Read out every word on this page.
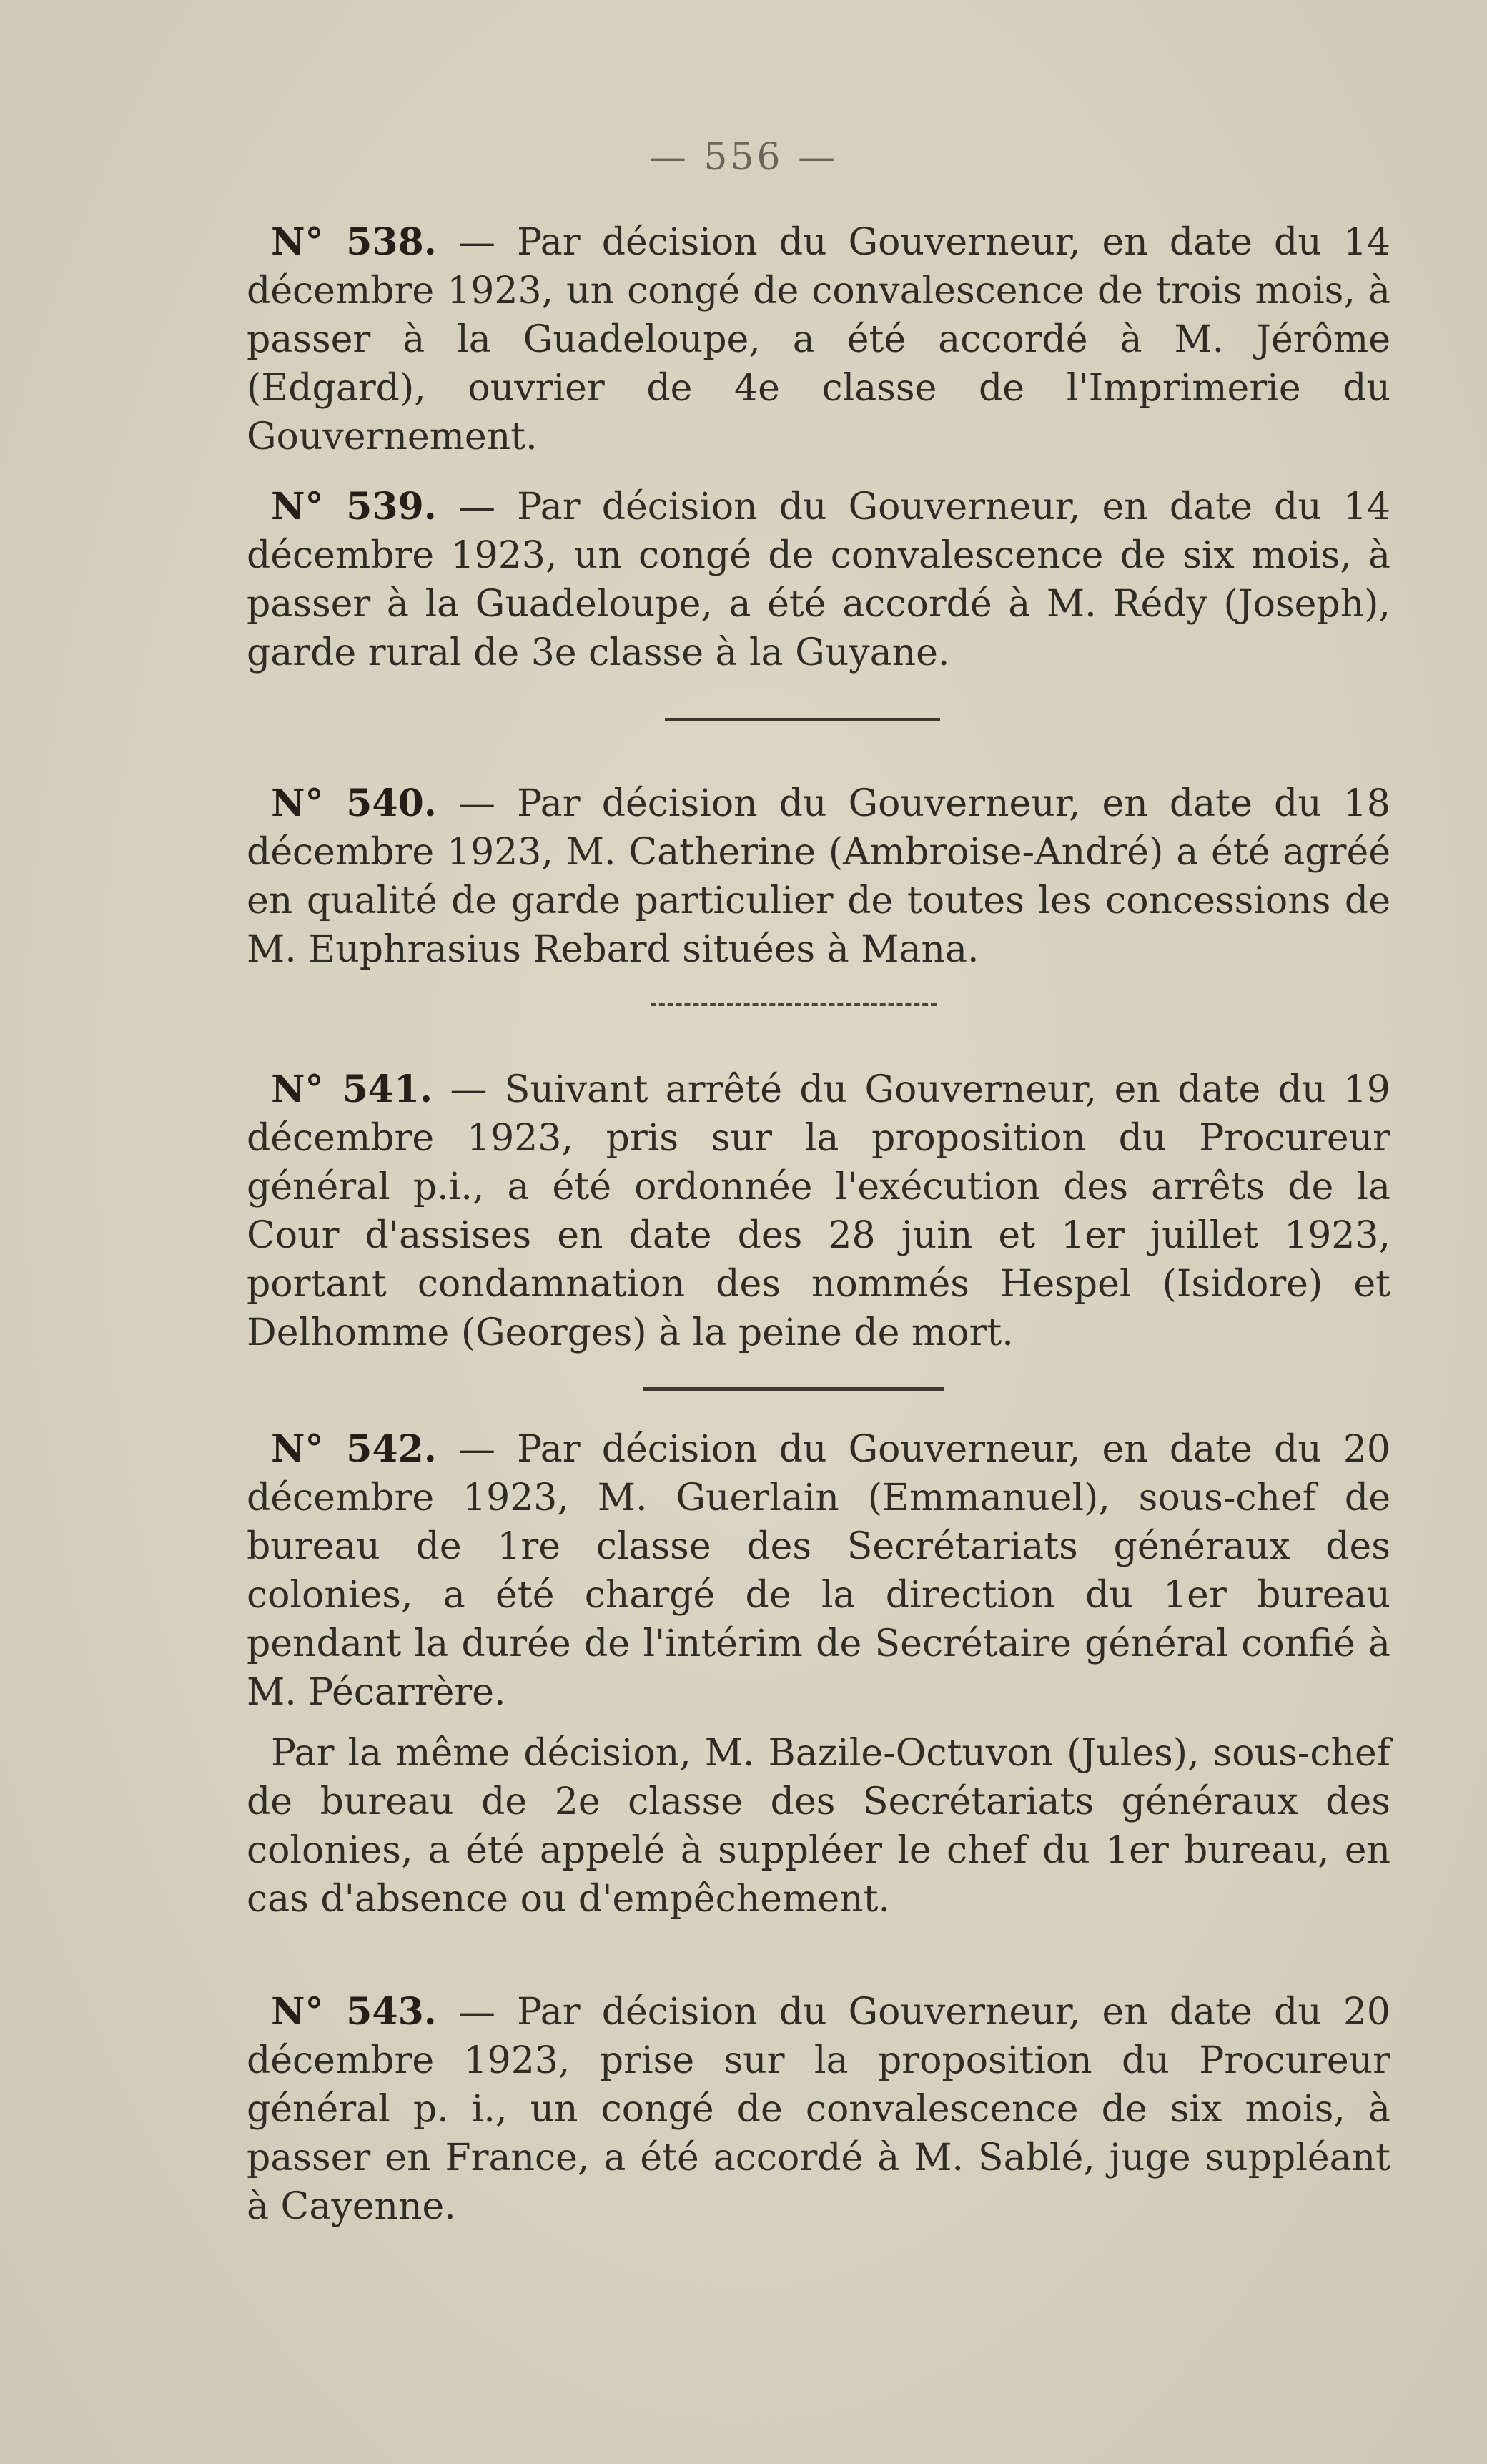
— 556 —

N° 538. — Par décision du Gouverneur, en date du 14 décembre 1923, un congé de convalescence de trois mois, à passer à la Guadeloupe, a été accordé à M. Jérôme (Edgard), ouvrier de 4e classe de l'Imprimerie du Gouvernement.

N° 539. — Par décision du Gouverneur, en date du 14 décembre 1923, un congé de convalescence de six mois, à passer à la Guadeloupe, a été accordé à M. Rédy (Joseph), garde rural de 3e classe à la Guyane.

N° 540. — Par décision du Gouverneur, en date du 18 décembre 1923, M. Catherine (Ambroise-André) a été agréé en qualité de garde particulier de toutes les concessions de M. Euphrasius Rebard situées à Mana.

N° 541. — Suivant arrêté du Gouverneur, en date du 19 décembre 1923, pris sur la proposition du Procureur général p.i., a été ordonnée l'exécution des arrêts de la Cour d'assises en date des 28 juin et 1er juillet 1923, portant condamnation des nommés Hespel (Isidore) et Delhomme (Georges) à la peine de mort.

N° 542. — Par décision du Gouverneur, en date du 20 décembre 1923, M. Guerlain (Emmanuel), sous-chef de bureau de 1re classe des Secrétariats généraux des colonies, a été chargé de la direction du 1er bureau pendant la durée de l'intérim de Secrétaire général confié à M. Pécarrère.

Par la même décision, M. Bazile-Octuvon (Jules), sous-chef de bureau de 2e classe des Secrétariats généraux des colonies, a été appelé à suppléer le chef du 1er bureau, en cas d'absence ou d'empêchement.

N° 543. — Par décision du Gouverneur, en date du 20 décembre 1923, prise sur la proposition du Procureur général p. i., un congé de convalescence de six mois, à passer en France, a été accordé à M. Sablé, juge suppléant à Cayenne.
